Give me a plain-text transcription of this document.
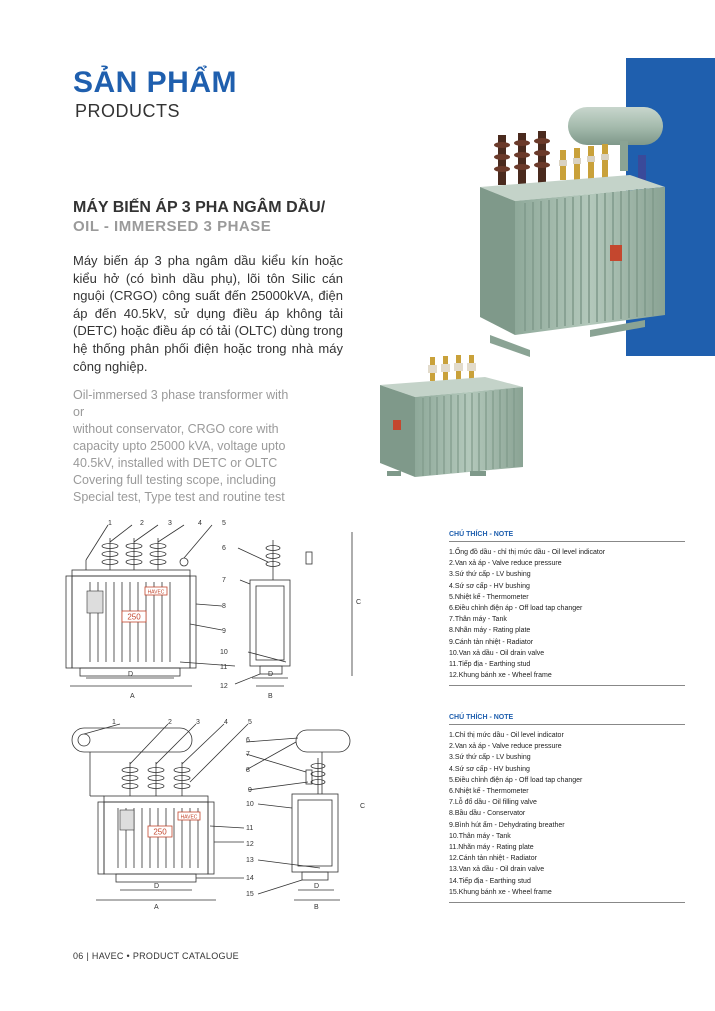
SẢN PHẨM
PRODUCTS
MÁY BIẾN ÁP 3 PHA NGÂM DẦU/
OIL - IMMERSED 3 PHASE
Máy biến áp 3 pha ngâm dầu kiểu kín hoặc kiểu hở (có bình dầu phụ), lõi tôn Silic cán nguội (CRGO) công suất đến 25000kVA, điện áp đến 40.5kV, sử dụng điều áp không tải (DETC) hoặc điều áp có tải (OLTC) dùng trong hệ thống phân phối điện hoặc trong nhà máy công nghiệp.
Oil-immersed 3 phase transformer with
or
without conservator, CRGO core with
capacity upto 25000 kVA, voltage upto
40.5kV, installed with DETC or OLTC
Covering full testing scope, including
Special test, Type test and routine test
HAVEC
250
1	2	3	4	5
6
7
8
9
10
11
12
D
A
D
B
C
HAVEC
250
1	2	3	4	5
6
7
8
9
10
11
12
13
14
15
D
A
D
B
C
CHÚ THÍCH - NOTE
1.Ống đồ dầu - chỉ thị mức dầu - Oil level indicator
2.Van xả áp - Valve reduce pressure
3.Sứ thứ cấp - LV bushing
4.Sứ sơ cấp - HV bushing
5.Nhiệt kế - Thermometer
6.Điều chỉnh điện áp - Off load tap changer
7.Thân máy - Tank
8.Nhãn máy - Rating plate
9.Cánh tản nhiệt - Radiator
10.Van xả dầu - Oil drain valve
11.Tiếp địa - Earthing stud
12.Khung bánh xe - Wheel frame
CHÚ THÍCH - NOTE
1.Chỉ thị mức dầu - Oil level indicator
2.Van xả áp - Valve reduce pressure
3.Sứ thứ cấp - LV bushing
4.Sứ sơ cấp - HV bushing
5.Điều chỉnh điện áp - Off load tap changer
6.Nhiệt kế - Thermometer
7.Lỗ đổ dầu - Oil filling valve
8.Bầu dầu - Conservator
9.Bình hút ẩm - Dehydrating breather
10.Thân máy - Tank
11.Nhãn máy - Rating plate
12.Cánh tản nhiệt - Radiator
13.Van xả dầu - Oil drain valve
14.Tiếp địa - Earthing stud
15.Khung bánh xe - Wheel frame
06 | HAVEC • PRODUCT CATALOGUE
